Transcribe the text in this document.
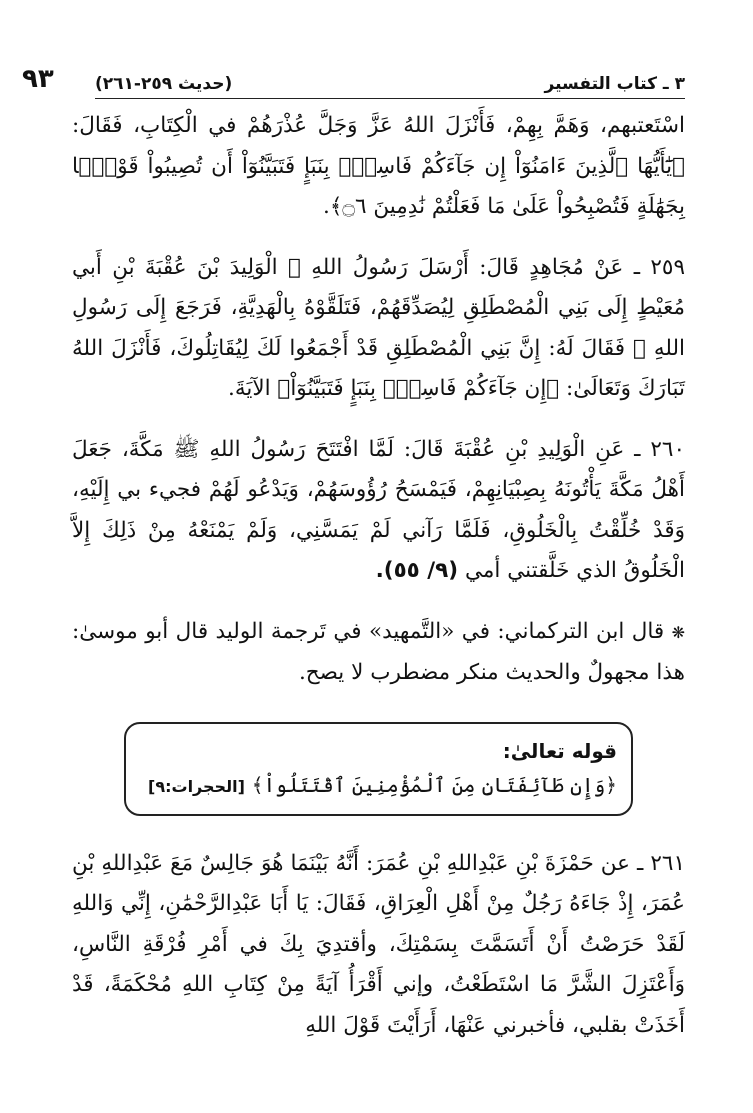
٩٣ (حديث ٢٥٩-٢٦١)	٣ ـ كتاب التفسير

اسْتَعتبهم، وَهَمَّ بِهِمْ، فَأَنْزَلَ اللهُ عَزَّ وَجَلَّ عُذْرَهُمْ في الْكِتَابِ، فَقَالَ: ﴿يَٰٓأَيُّهَا ٱلَّذِينَ ءَامَنُوٓاْ إِن جَآءَكُمْ فَاسِقُۢ بِنَبَإٍ فَتَبَيَّنُوٓاْ أَن تُصِيبُواْ قَوْمَۢا بِجَهَٰلَةٍ فَتُصْبِحُواْ عَلَىٰ مَا فَعَلْتُمْ نَٰدِمِينَ ۝٦﴾.

٢٥٩ ـ عَنْ مُجَاهِدٍ قَالَ: أَرْسَلَ رَسُولُ اللهِ ﷺ الْوَلِيدَ بْنَ عُقْبَةَ بْنِ أَبي مُعَيْطٍ إِلَى بَنِي الْمُصْطَلِقِ لِيُصَدِّقَهُمْ، فَتَلَقَّوْهُ بِالْهَدِيَّةِ، فَرَجَعَ إِلَى رَسُولِ اللهِ ﷺ فَقَالَ لَهُ: إِنَّ بَنِي الْمُصْطَلِقِ قَدْ أَجْمَعُوا لَكَ لِيُقَاتِلُوكَ، فَأَنْزَلَ اللهُ تَبَارَكَ وَتَعَالَىٰ: ﴿إِن جَآءَكُمْ فَاسِقُۢ بِنَبَإٍ فَتَبَيَّنُوٓاْ﴾ الآيَةَ.

٢٦٠ ـ عَنِ الْوَلِيدِ بْنِ عُقْبَةَ قَالَ: لَمَّا افْتَتَحَ رَسُولُ اللهِ ﷺ مَكَّةَ، جَعَلَ أَهْلُ مَكَّةَ يَأْتُونَهُ بِصِبْيَانِهِمْ، فَيَمْسَحُ رُؤُوسَهُمْ، وَيَدْعُو لَهُمْ فجيء بي إِلَيْهِ، وَقَدْ خُلِّقْتُ بِالْخَلُوقِ، فَلَمَّا رَآني لَمْ يَمَسَّنِي، وَلَمْ يَمْنَعْهُ مِنْ ذَلِكَ إِلاَّ الْخَلُوقُ الذي خَلَّقتني أمي (٩/ ٥٥).

❋ قال ابن التركماني: في «التَّمهيد» في تَرجمة الوليد قال أبو موسىٰ: هذا مجهولٌ والحديث منكر مضطرب لا يصح.

قوله تعالىٰ:
﴿وَإِن طَآئِفَتَانِ مِنَ ٱلْمُؤْمِنِينَ ٱقْتَتَلُواْ﴾ [الحجرات:٩]

٢٦١ ـ عن حَمْزَةَ بْنِ عَبْدِاللهِ بْنِ عُمَرَ: أَنَّهُ بَيْنَمَا هُوَ جَالِسٌ مَعَ عَبْدِاللهِ بْنِ عُمَرَ، إِذْ جَاءَهُ رَجُلٌ مِنْ أَهْلِ الْعِرَاقِ، فَقَالَ: يَا أَبَا عَبْدِالرَّحْمَٰنِ، إِنِّي وَاللهِ لَقَدْ حَرَصْتُ أَنْ أَتَسَمَّتَ بِسَمْتِكَ، وأقتدِيَ بِكَ في أَمْرِ فُرْقَةِ النَّاسِ، وَأَعْتَزِلَ الشَّرَّ مَا اسْتَطَعْتُ، وإني أَقْرَأُ آيَةً مِنْ كِتَابِ اللهِ مُحْكَمَةً، قَدْ أَخَذَتْ بقلبي، فأخبرني عَنْهَا، أَرَأَيْتَ قَوْلَ اللهِ
